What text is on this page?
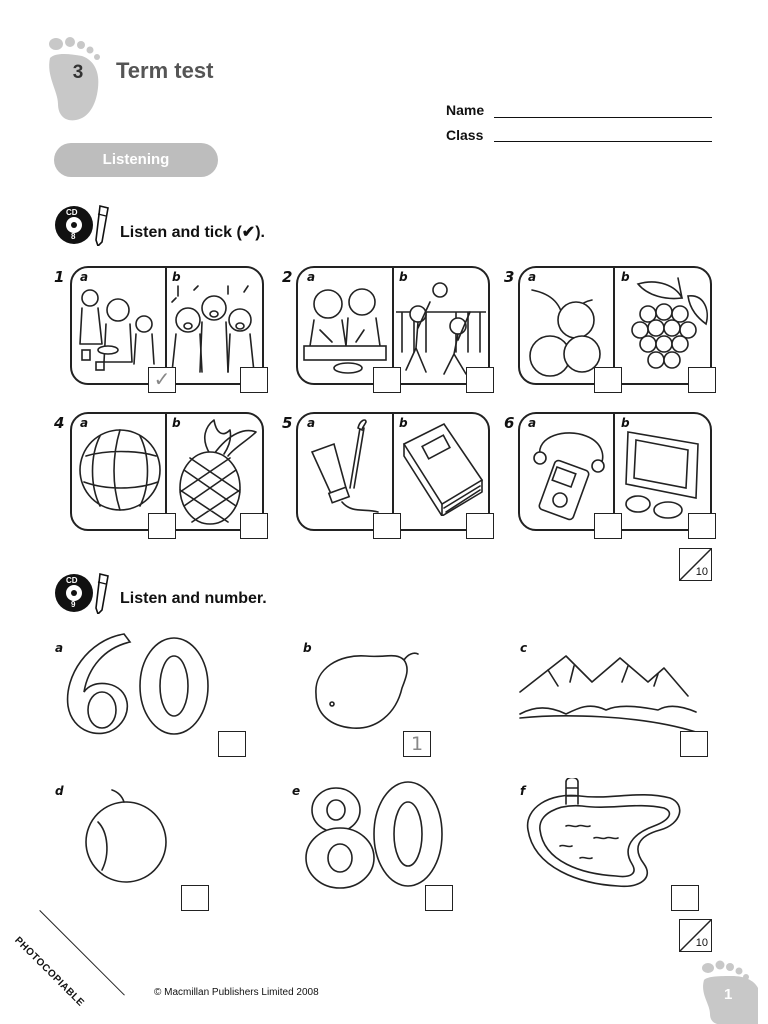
3 Term test
Name
Class
Listening
CD
8	Listen and tick (✔).
1 a	b
✓
2 a	b	3 a	b
4 a	b	5 a	b	6 a	b
10
CD
9	Listen and number.
a	b
1
c
d	e	f
10
PHOTOCOPIABLE	© Macmillan Publishers Limited 2008	1
